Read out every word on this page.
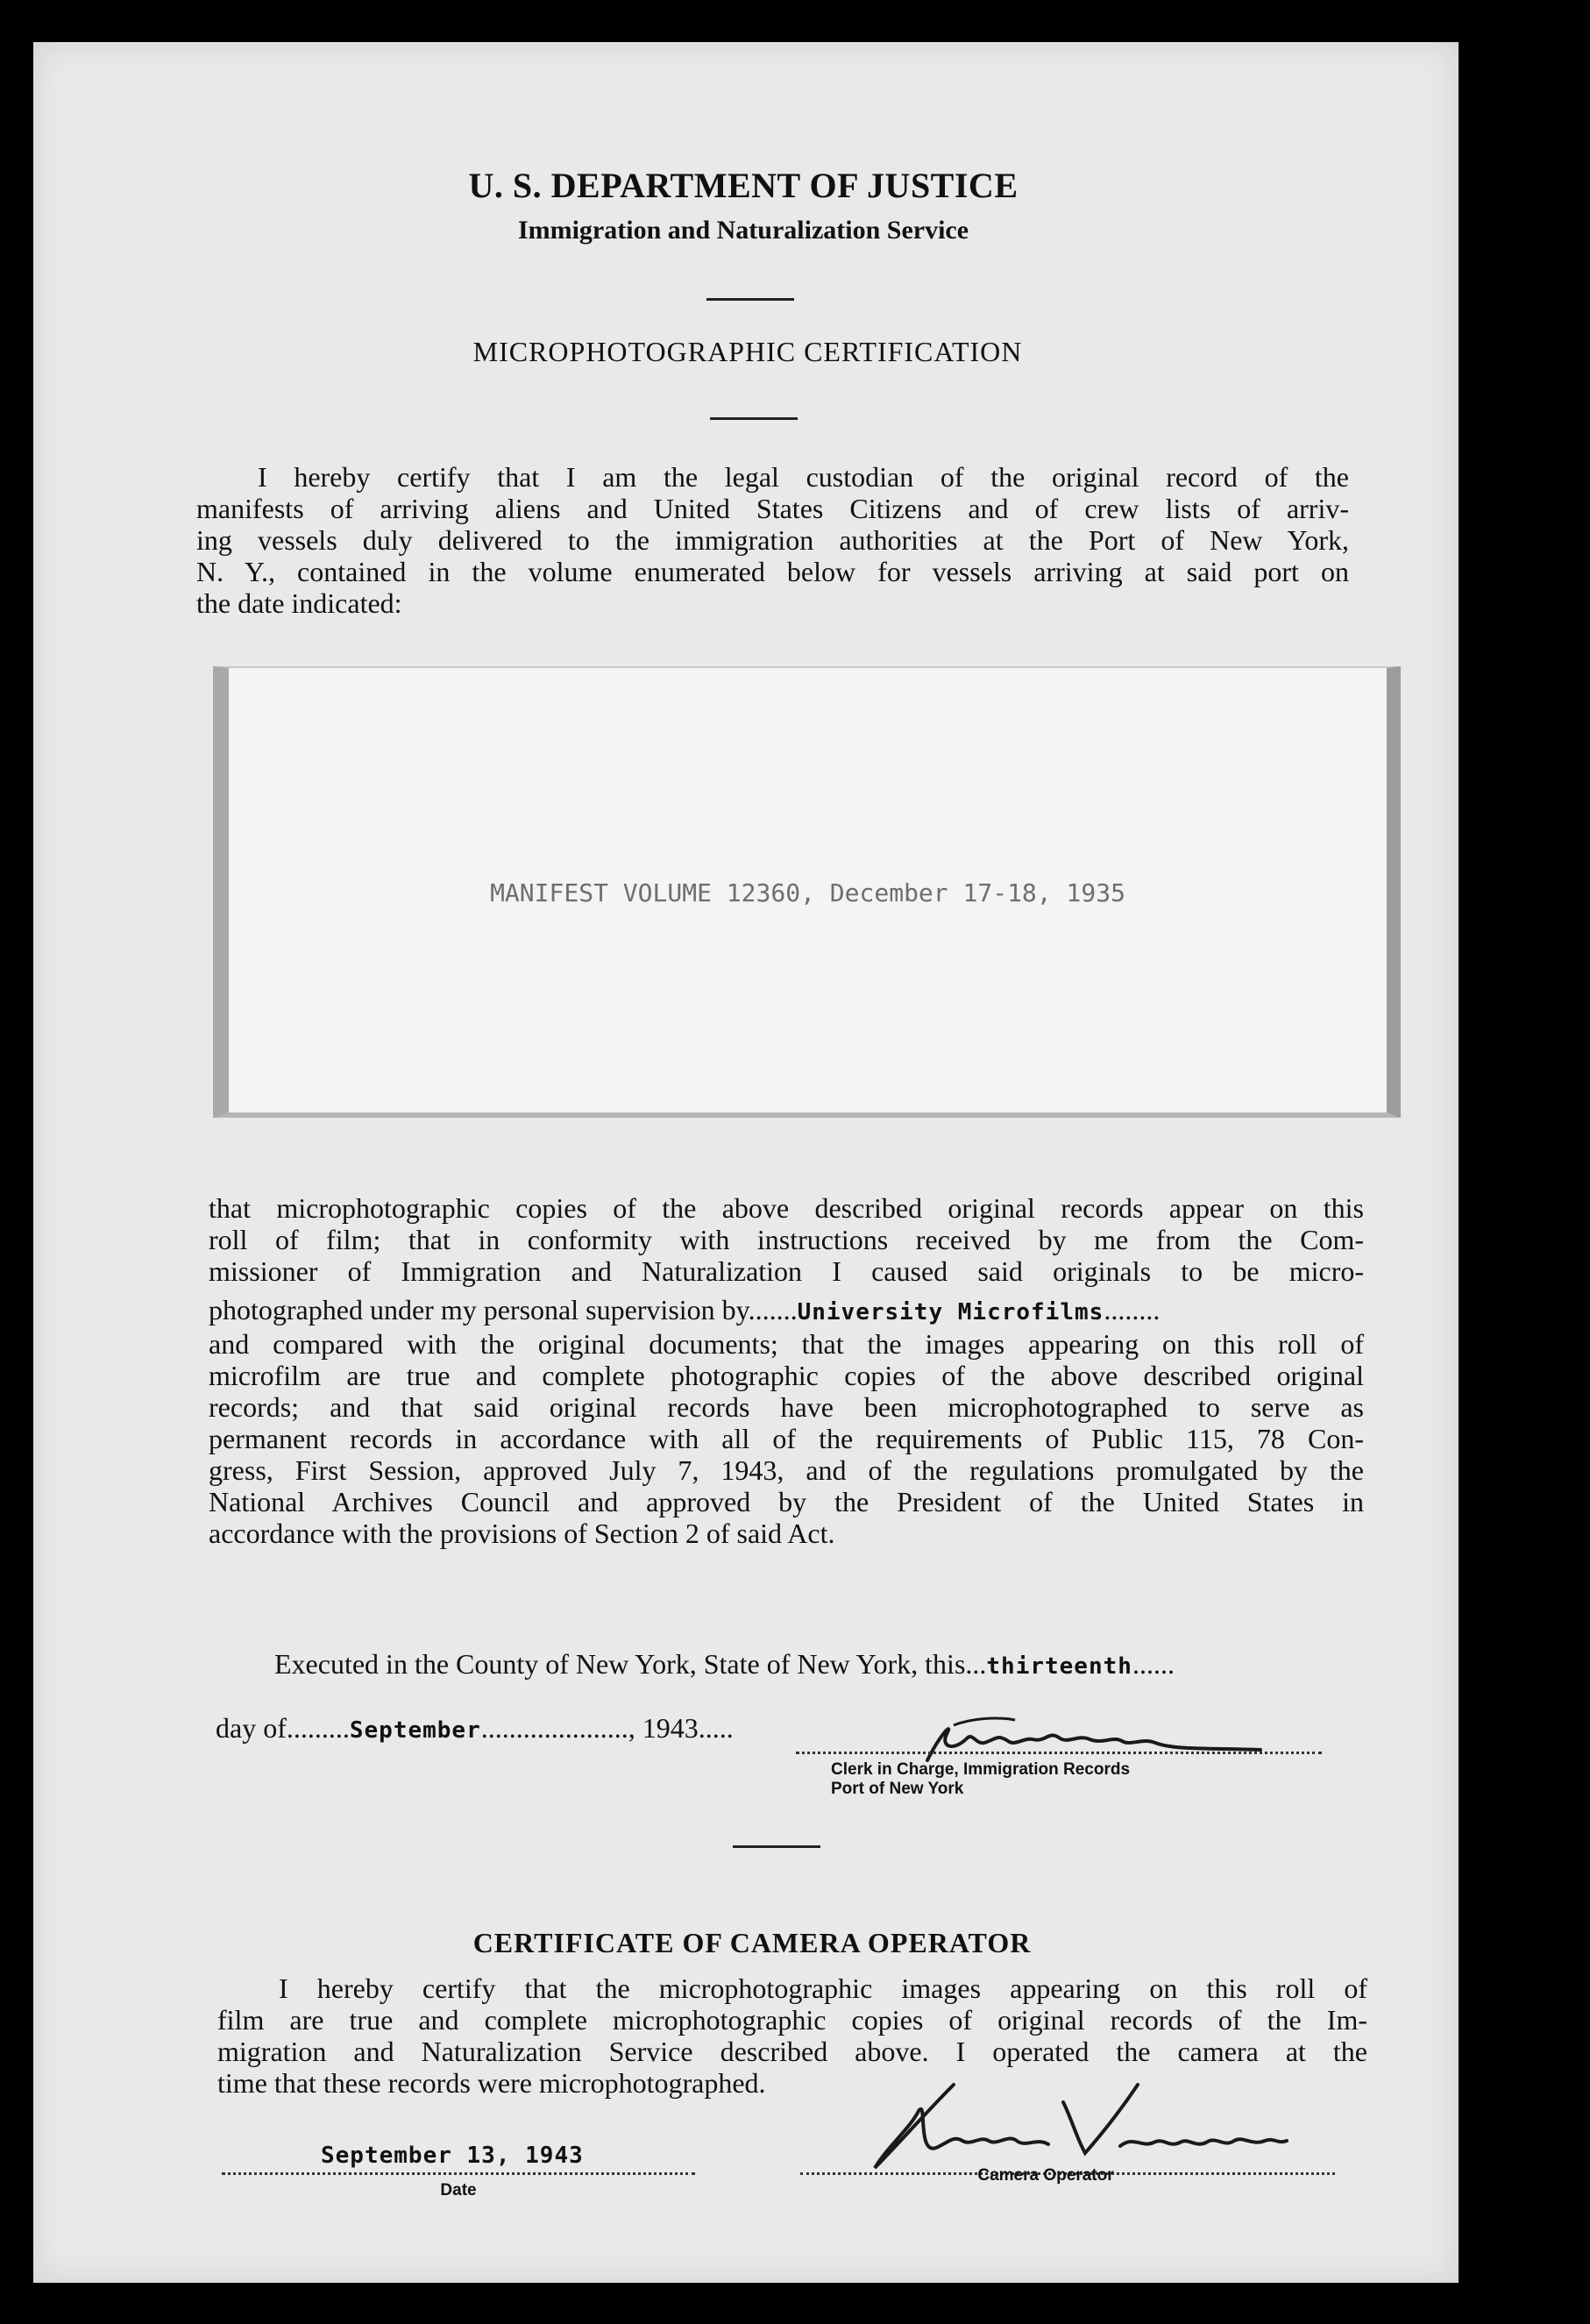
U. S. DEPARTMENT OF JUSTICE
Immigration and Naturalization Service
MICROPHOTOGRAPHIC CERTIFICATION
I hereby certify that I am the legal custodian of the original record of the
manifests of arriving aliens and United States Citizens and of crew lists of arriv-
ing vessels duly delivered to the immigration authorities at the Port of New York,
N. Y., contained in the volume enumerated below for vessels arriving at said port on
the date indicated:
MANIFEST VOLUME 12360, December 17-18, 1935
that microphotographic copies of the above described original records appear on this
roll of film; that in conformity with instructions received by me from the Com-
missioner of Immigration and Naturalization I caused said originals to be micro-
photographed under my personal supervision by.......University Microfilms........
and compared with the original documents; that the images appearing on this roll of
microfilm are true and complete photographic copies of the above described original
records; and that said original records have been microphotographed to serve as
permanent records in accordance with all of the requirements of Public 115, 78 Con-
gress, First Session, approved July 7, 1943, and of the regulations promulgated by the
National Archives Council and approved by the President of the United States in
accordance with the provisions of Section 2 of said Act.
Executed in the County of New York, State of New York, this...thirteenth......
day of.........September....................., 1943.....
Clerk in Charge, Immigration Records
Port of New York
CERTIFICATE OF CAMERA OPERATOR
I hereby certify that the microphotographic images appearing on this roll of
film are true and complete microphotographic copies of original records of the Im-
migration and Naturalization Service described above. I operated the camera at the
time that these records were microphotographed.
September 13, 1943
Date
Camera Operator
